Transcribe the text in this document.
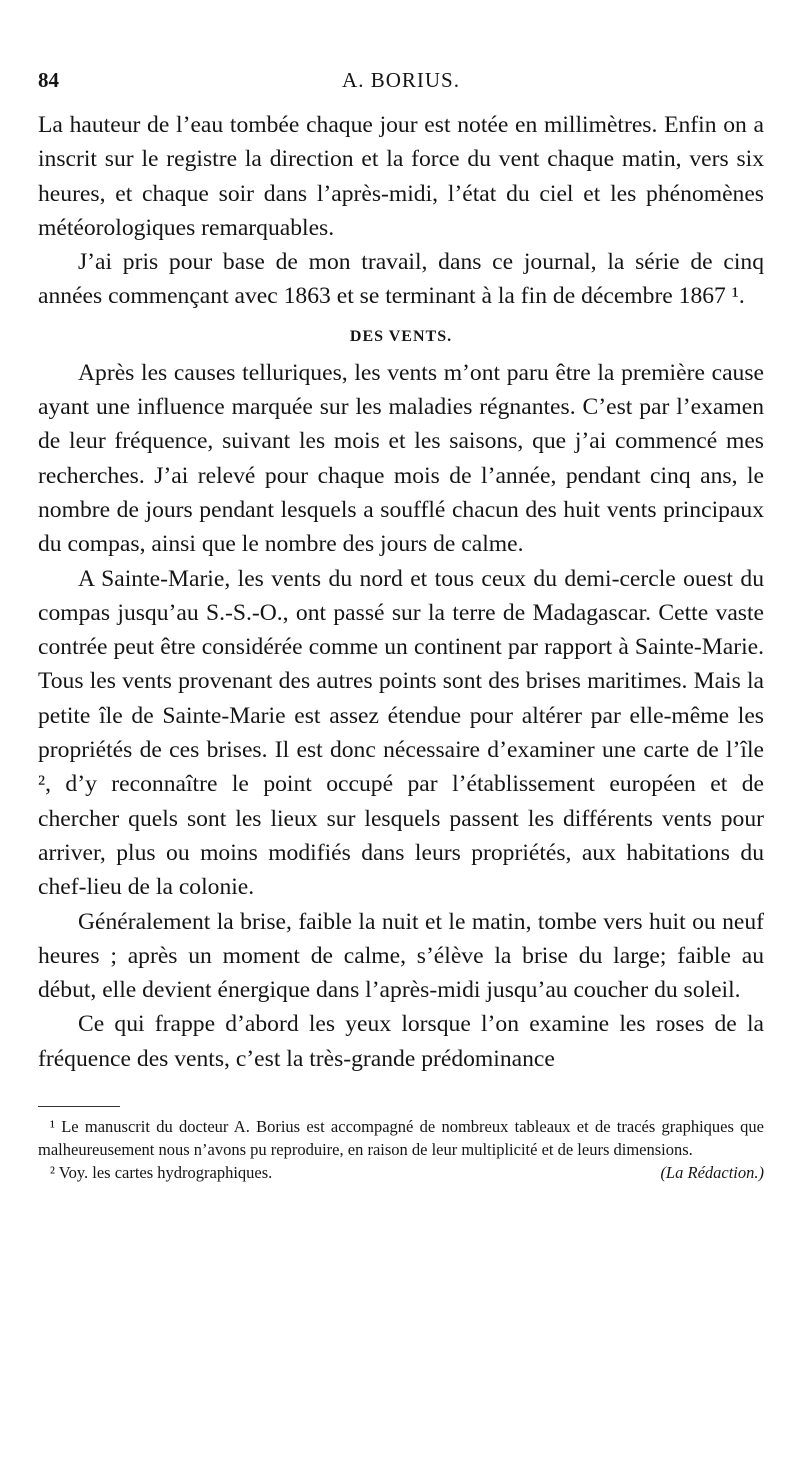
84	A. BORIUS.

La hauteur de l’eau tombée chaque jour est notée en millimètres. Enfin on a inscrit sur le registre la direction et la force du vent chaque matin, vers six heures, et chaque soir dans l’après-midi, l’état du ciel et les phénomènes météorologiques remarquables.

J’ai pris pour base de mon travail, dans ce journal, la série de cinq années commençant avec 1863 et se terminant à la fin de décembre 1867 ¹.

DES VENTS.

Après les causes telluriques, les vents m’ont paru être la première cause ayant une influence marquée sur les maladies régnantes. C’est par l’examen de leur fréquence, suivant les mois et les saisons, que j’ai commencé mes recherches. J’ai relevé pour chaque mois de l’année, pendant cinq ans, le nombre de jours pendant lesquels a soufflé chacun des huit vents principaux du compas, ainsi que le nombre des jours de calme.

A Sainte-Marie, les vents du nord et tous ceux du demi-cercle ouest du compas jusqu’au S.-S.-O., ont passé sur la terre de Madagascar. Cette vaste contrée peut être considérée comme un continent par rapport à Sainte-Marie. Tous les vents provenant des autres points sont des brises maritimes. Mais la petite île de Sainte-Marie est assez étendue pour altérer par elle-même les propriétés de ces brises. Il est donc nécessaire d’examiner une carte de l’île ², d’y reconnaître le point occupé par l’établissement européen et de chercher quels sont les lieux sur lesquels passent les différents vents pour arriver, plus ou moins modifiés dans leurs propriétés, aux habitations du chef-lieu de la colonie.

Généralement la brise, faible la nuit et le matin, tombe vers huit ou neuf heures ; après un moment de calme, s’élève la brise du large; faible au début, elle devient énergique dans l’après-midi jusqu’au coucher du soleil.

Ce qui frappe d’abord les yeux lorsque l’on examine les roses de la fréquence des vents, c’est la très-grande prédominance

¹ Le manuscrit du docteur A. Borius est accompagné de nombreux tableaux et de tracés graphiques que malheureusement nous n’avons pu reproduire, en raison de leur multiplicité et de leurs dimensions.
(La Rédaction.)

² Voy. les cartes hydrographiques.
